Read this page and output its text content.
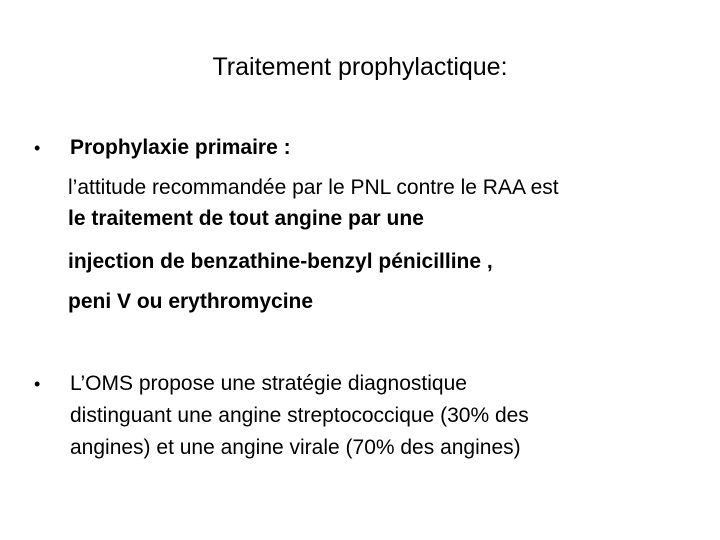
Traitement prophylactique:
• Prophylaxie primaire :
l’attitude recommandée par le PNL contre le RAA est
le traitement de tout angine par une
injection de benzathine-benzyl pénicilline ,
peni V ou erythromycine
• L’OMS propose une stratégie diagnostique
distinguant une angine streptococcique (30% des
angines) et une angine virale (70% des angines)
